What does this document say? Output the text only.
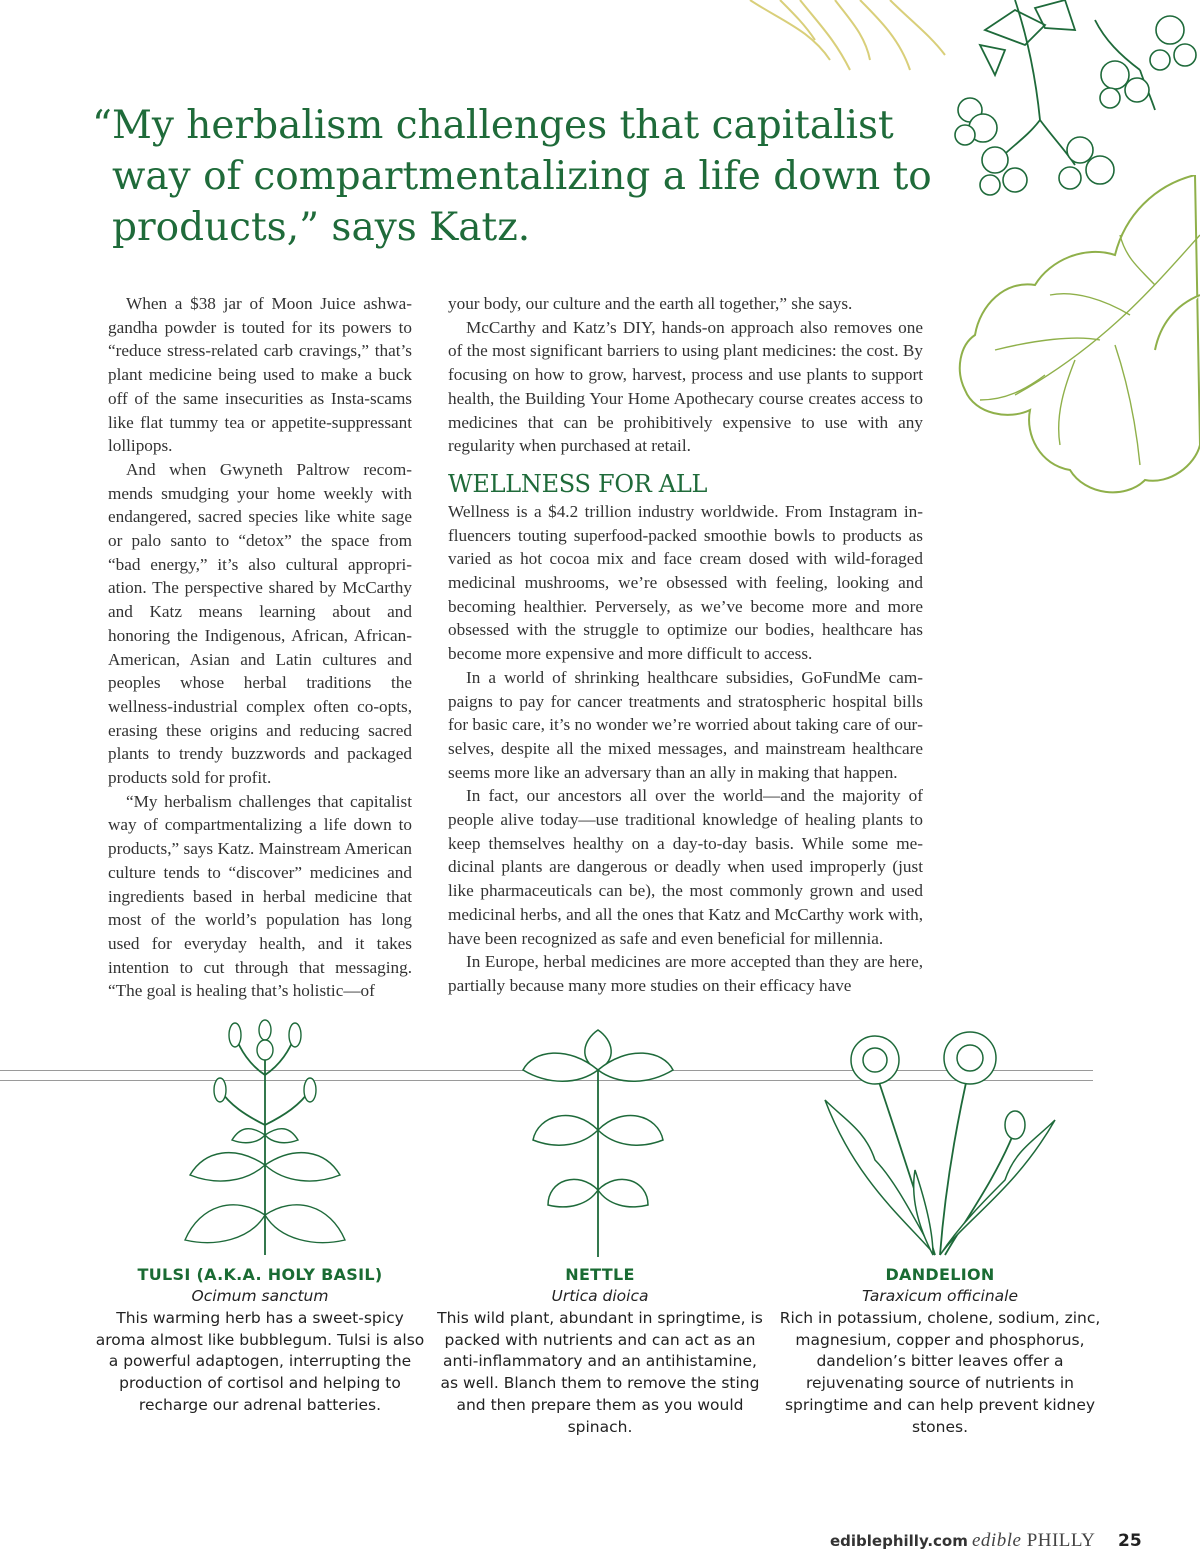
“My herbalism challenges that capitalist
way of compartmentalizing a life down to
products,” says Katz.

When a $38 jar of Moon Juice ashwagandha powder is touted for its powers to “reduce stress-related carb cravings,” that’s plant medicine being used to make a buck off of the same insecurities as Insta-scams like flat tummy tea or appetite-suppressant lollipops.

And when Gwyneth Paltrow recommends smudging your home weekly with endangered, sacred species like white sage or palo santo to “detox” the space from “bad energy,” it’s also cultural appropriation. The perspective shared by McCarthy and Katz means learning about and honoring the Indigenous, African, African-American, Asian and Latin cultures and peoples whose herbal traditions the wellness-industrial complex often co-opts, erasing these origins and reducing sacred plants to trendy buzzwords and packaged products sold for profit.

“My herbalism challenges that capitalist way of compartmentalizing a life down to products,” says Katz. Mainstream American culture tends to “discover” medicines and ingredients based in herbal medicine that most of the world’s population has long used for everyday health, and it takes intention to cut through that messaging. “The goal is healing that’s holistic—of

your body, our culture and the earth all together,” she says.

McCarthy and Katz’s DIY, hands-on approach also removes one of the most significant barriers to using plant medicines: the cost. By focusing on how to grow, harvest, process and use plants to support health, the Building Your Home Apothecary course creates access to medicines that can be prohibitively expensive to use with any regularity when purchased at retail.

WELLNESS FOR ALL

Wellness is a $4.2 trillion industry worldwide. From Instagram influencers touting superfood-packed smoothie bowls to products as varied as hot cocoa mix and face cream dosed with wild-foraged medicinal mushrooms, we’re obsessed with feeling, looking and becoming healthier. Perversely, as we’ve become more and more obsessed with the struggle to optimize our bodies, healthcare has become more expensive and more difficult to access.

In a world of shrinking healthcare subsidies, GoFundMe campaigns to pay for cancer treatments and stratospheric hospital bills for basic care, it’s no wonder we’re worried about taking care of ourselves, despite all the mixed messages, and mainstream healthcare seems more like an adversary than an ally in making that happen.

In fact, our ancestors all over the world—and the majority of people alive today—use traditional knowledge of healing plants to keep themselves healthy on a day-to-day basis. While some medicinal plants are dangerous or deadly when used improperly (just like pharmaceuticals can be), the most commonly grown and used medicinal herbs, and all the ones that Katz and McCarthy work with, have been recognized as safe and even beneficial for millennia.

In Europe, herbal medicines are more accepted than they are here, partially because many more studies on their efficacy have

TULSI (A.K.A. HOLY BASIL)
Ocimum sanctum
This warming herb has a sweet-spicy aroma almost like bubblegum. Tulsi is also a powerful adaptogen, interrupting the production of cortisol and helping to recharge our adrenal batteries.
NETTLE
Urtica dioica
This wild plant, abundant in springtime, is packed with nutrients and can act as an anti-inflammatory and an antihistamine, as well. Blanch them to remove the sting and then prepare them as you would spinach.
DANDELION
Taraxicum officinale
Rich in potassium, cholene, sodium, zinc, magnesium, copper and phosphorus, dandelion’s bitter leaves offer a rejuvenating source of nutrients in springtime and can help prevent kidney stones.
ediblephilly.com edible PHILLY 25
